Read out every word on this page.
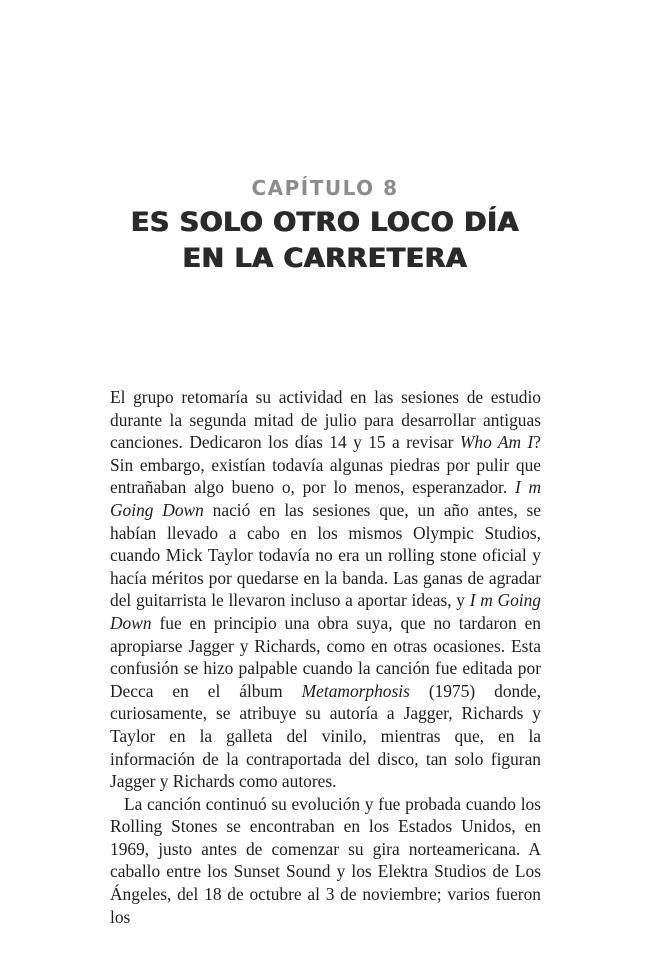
CAPÍTULO 8
ES SOLO OTRO LOCO DÍA
EN LA CARRETERA

El grupo retomaría su actividad en las sesiones de estudio durante la segunda mitad de julio para desarrollar antiguas canciones. Dedicaron los días 14 y 15 a revisar Who Am I? Sin embargo, existían todavía algunas piedras por pulir que entrañaban algo bueno o, por lo menos, esperanzador. I m Going Down nació en las sesiones que, un año antes, se habían llevado a cabo en los mismos Olympic Studios, cuando Mick Taylor todavía no era un rolling stone oficial y hacía méritos por quedarse en la banda. Las ganas de agradar del guitarrista le llevaron incluso a aportar ideas, y I m Going Down fue en principio una obra suya, que no tardaron en apropiarse Jagger y Richards, como en otras ocasiones. Esta confusión se hizo palpable cuando la canción fue editada por Decca en el álbum Metamorphosis (1975) donde, curiosamente, se atribuye su autoría a Jagger, Richards y Taylor en la galleta del vinilo, mientras que, en la información de la contraportada del disco, tan solo figuran Jagger y Richards como autores.

La canción continuó su evolución y fue probada cuando los Rolling Stones se encontraban en los Estados Unidos, en 1969, justo antes de comenzar su gira norteamericana. A caballo entre los Sunset Sound y los Elektra Studios de Los Ángeles, del 18 de octubre al 3 de noviembre; varios fueron los
